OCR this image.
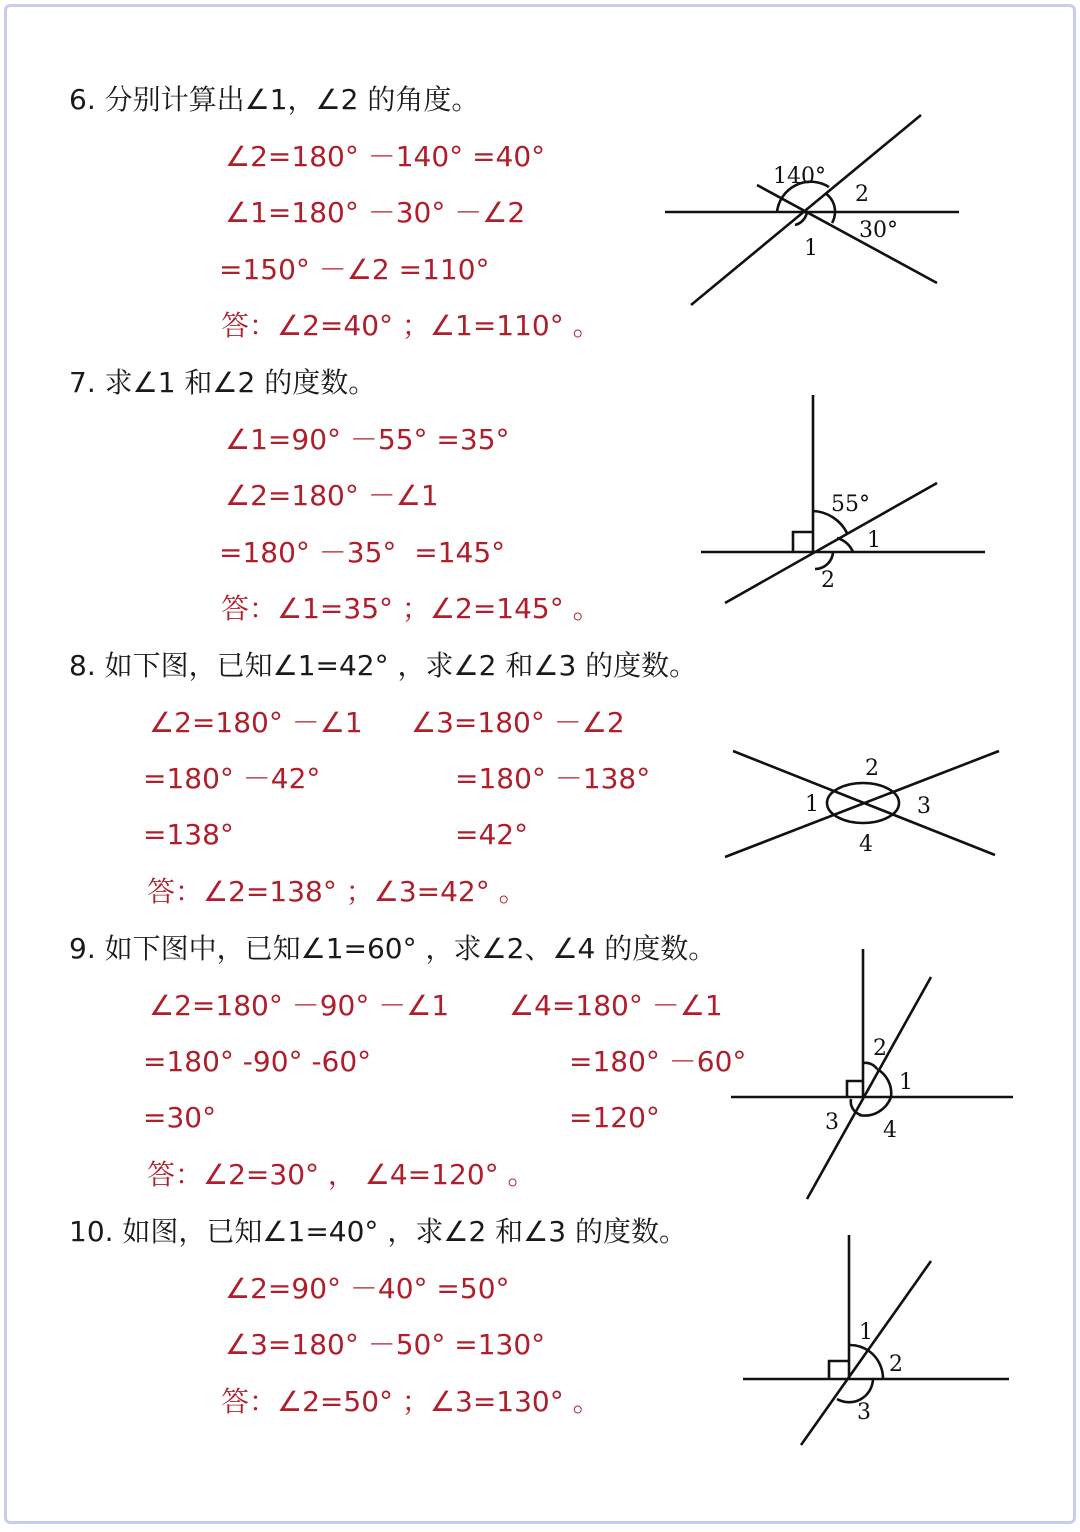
6. 分别计算出∠1，∠2 的角度。
∠2=180° －140° =40°
∠1=180° －30° －∠2
=150° －∠2 =110°
答：∠2=40° ；∠1=110° 。
140°
2
30°
1
7. 求∠1 和∠2 的度数。
∠1=90° －55° =35°
∠2=180° －∠1
=180° －35°  =145°
答：∠1=35° ；∠2=145° 。
55°
1
2
8. 如下图，已知∠1=42° ，求∠2 和∠3 的度数。
∠2=180° －∠1
=180° －42°
=138°
∠3=180° －∠2
=180° －138°
=42°
答：∠2=138° ；∠3=42° 。
1
2
3
4
9. 如下图中，已知∠1=60° ，求∠2、∠4 的度数。
∠2=180° －90° －∠1
=180° -90° -60°
=30°
∠4=180° －∠1
=180° －60°
=120°
答：∠2=30° ， ∠4=120° 。
2
1
3 4
10. 如图，已知∠1=40° ，求∠2 和∠3 的度数。
∠2=90° －40° =50°
∠3=180° －50° =130°
答：∠2=50° ；∠3=130° 。
1
2
3
